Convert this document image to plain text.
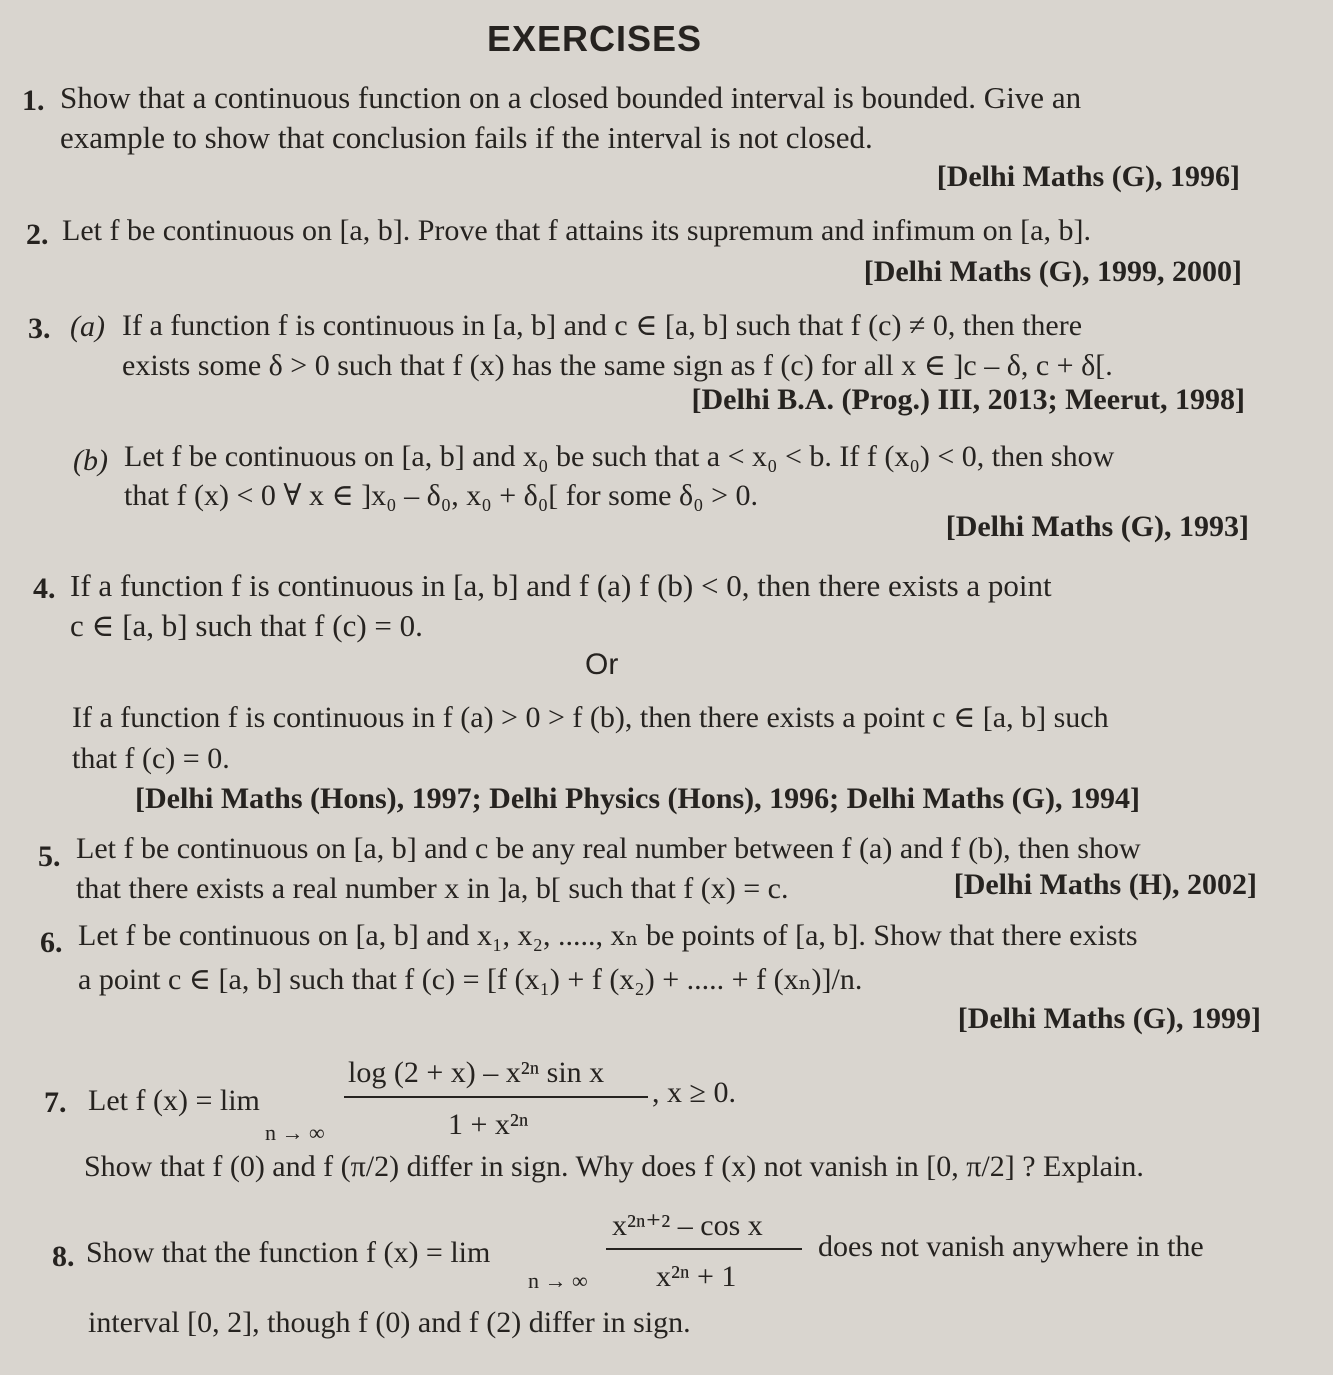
EXERCISES
1. Show that a continuous function on a closed bounded interval is bounded. Give an
example to show that conclusion fails if the interval is not closed.
[Delhi Maths (G), 1996]
2. Let f be continuous on [a, b]. Prove that f attains its supremum and infimum on [a, b].
[Delhi Maths (G), 1999, 2000]
3. (a) If a function f is continuous in [a, b] and c ∈ [a, b] such that f (c) ≠ 0, then there
exists some δ > 0 such that f (x) has the same sign as f (c) for all x ∈ ]c – δ, c + δ[.
[Delhi B.A. (Prog.) III, 2013; Meerut, 1998]
(b) Let f be continuous on [a, b] and x₀ be such that a < x₀ < b. If f (x₀) < 0, then show
that f (x) < 0 ∀ x ∈ ]x₀ – δ₀, x₀ + δ₀[ for some δ₀ > 0.
[Delhi Maths (G), 1993]
4. If a function f is continuous in [a, b] and f (a) f (b) < 0, then there exists a point
c ∈ [a, b] such that f (c) = 0.
Or
If a function f is continuous in f (a) > 0 > f (b), then there exists a point c ∈ [a, b] such
that f (c) = 0.
[Delhi Maths (Hons), 1997; Delhi Physics (Hons), 1996; Delhi Maths (G), 1994]
5. Let f be continuous on [a, b] and c be any real number between f (a) and f (b), then show
that there exists a real number x in ]a, b[ such that f (x) = c.	[Delhi Maths (H), 2002]
6. Let f be continuous on [a, b] and x₁, x₂, ....., xₙ be points of [a, b]. Show that there exists
a point c ∈ [a, b] such that f (c) = [f (x₁) + f (x₂) + ..... + f (xₙ)]/n.
[Delhi Maths (G), 1999]
7. Let f (x) = lim
n → ∞
log (2 + x) – x²ⁿ sin x
1 + x²ⁿ
, x ≥ 0.
Show that f (0) and f (π/2) differ in sign. Why does f (x) not vanish in [0, π/2] ? Explain.
8. Show that the function f (x) = lim
n → ∞
x²ⁿ⁺² – cos x
x²ⁿ + 1
does not vanish anywhere in the
interval [0, 2], though f (0) and f (2) differ in sign.
